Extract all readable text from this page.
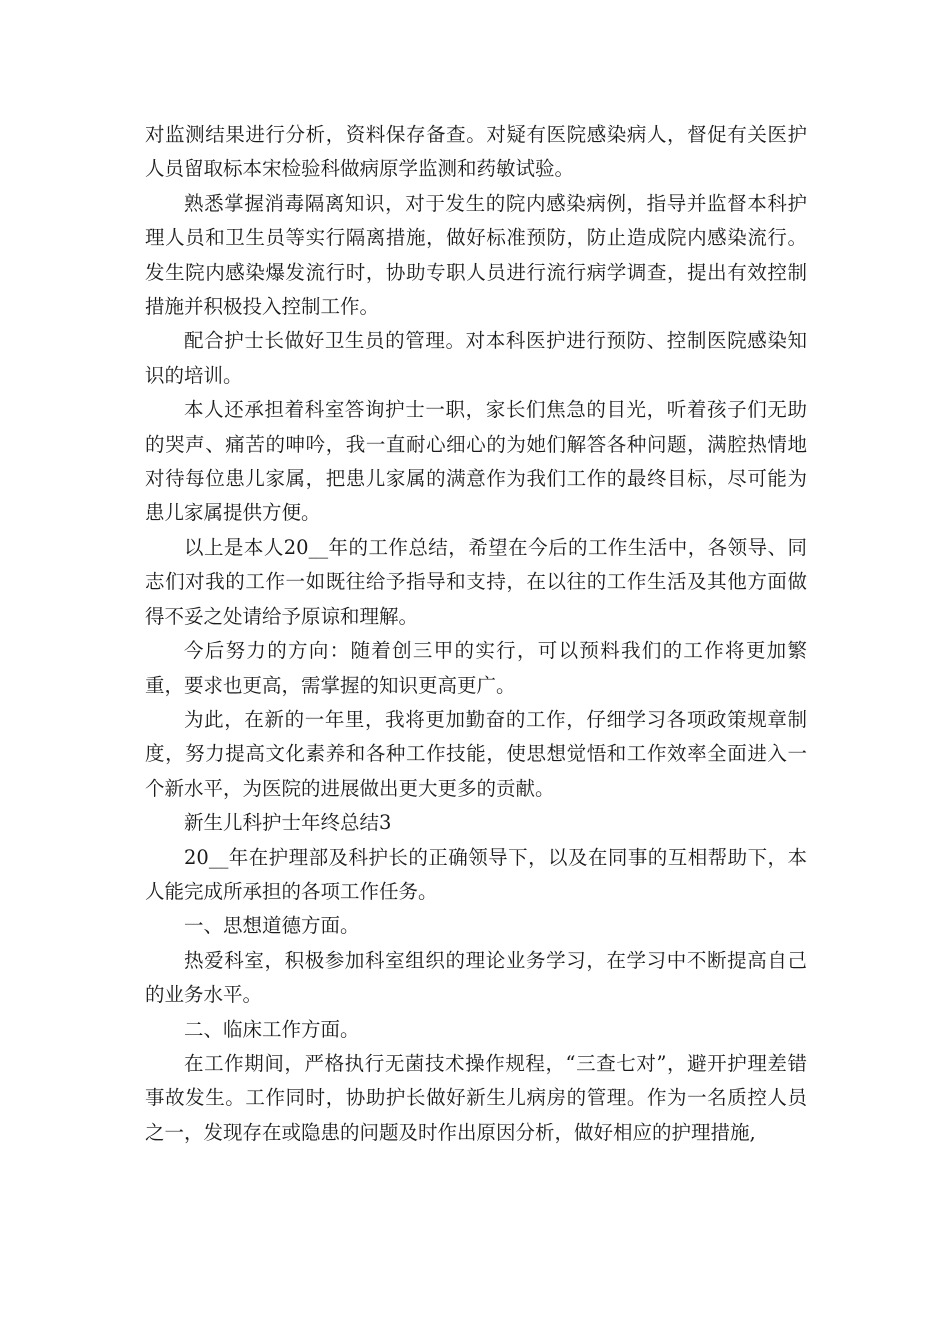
对监测结果进行分析，资料保存备查。对疑有医院感染病人，督促有关医护人员留取标本宋检验科做病原学监测和药敏试验。

熟悉掌握消毒隔离知识，对于发生的院内感染病例，指导并监督本科护理人员和卫生员等实行隔离措施，做好标准预防，防止造成院内感染流行。发生院内感染爆发流行时，协助专职人员进行流行病学调查，提出有效控制措施并积极投入控制工作。

配合护士长做好卫生员的管理。对本科医护进行预防、控制医院感染知识的培训。

本人还承担着科室答询护士一职，家长们焦急的目光，听着孩子们无助的哭声、痛苦的呻吟，我一直耐心细心的为她们解答各种问题，满腔热情地对待每位患儿家属，把患儿家属的满意作为我们工作的最终目标，尽可能为患儿家属提供方便。

以上是本人20__年的工作总结，希望在今后的工作生活中，各领导、同志们对我的工作一如既往给予指导和支持，在以往的工作生活及其他方面做得不妥之处请给予原谅和理解。

今后努力的方向：随着创三甲的实行，可以预料我们的工作将更加繁重，要求也更高，需掌握的知识更高更广。

为此，在新的一年里，我将更加勤奋的工作，仔细学习各项政策规章制度，努力提高文化素养和各种工作技能，使思想觉悟和工作效率全面进入一个新水平，为医院的进展做出更大更多的贡献。

新生儿科护士年终总结3

20__年在护理部及科护长的正确领导下，以及在同事的互相帮助下，本人能完成所承担的各项工作任务。

一、思想道德方面。

热爱科室，积极参加科室组织的理论业务学习，在学习中不断提高自己的业务水平。

二、临床工作方面。

在工作期间，严格执行无菌技术操作规程，“三查七对”，避开护理差错事故发生。工作同时，协助护长做好新生儿病房的管理。作为一名质控人员之一，发现存在或隐患的问题及时作出原因分析，做好相应的护理措施,
